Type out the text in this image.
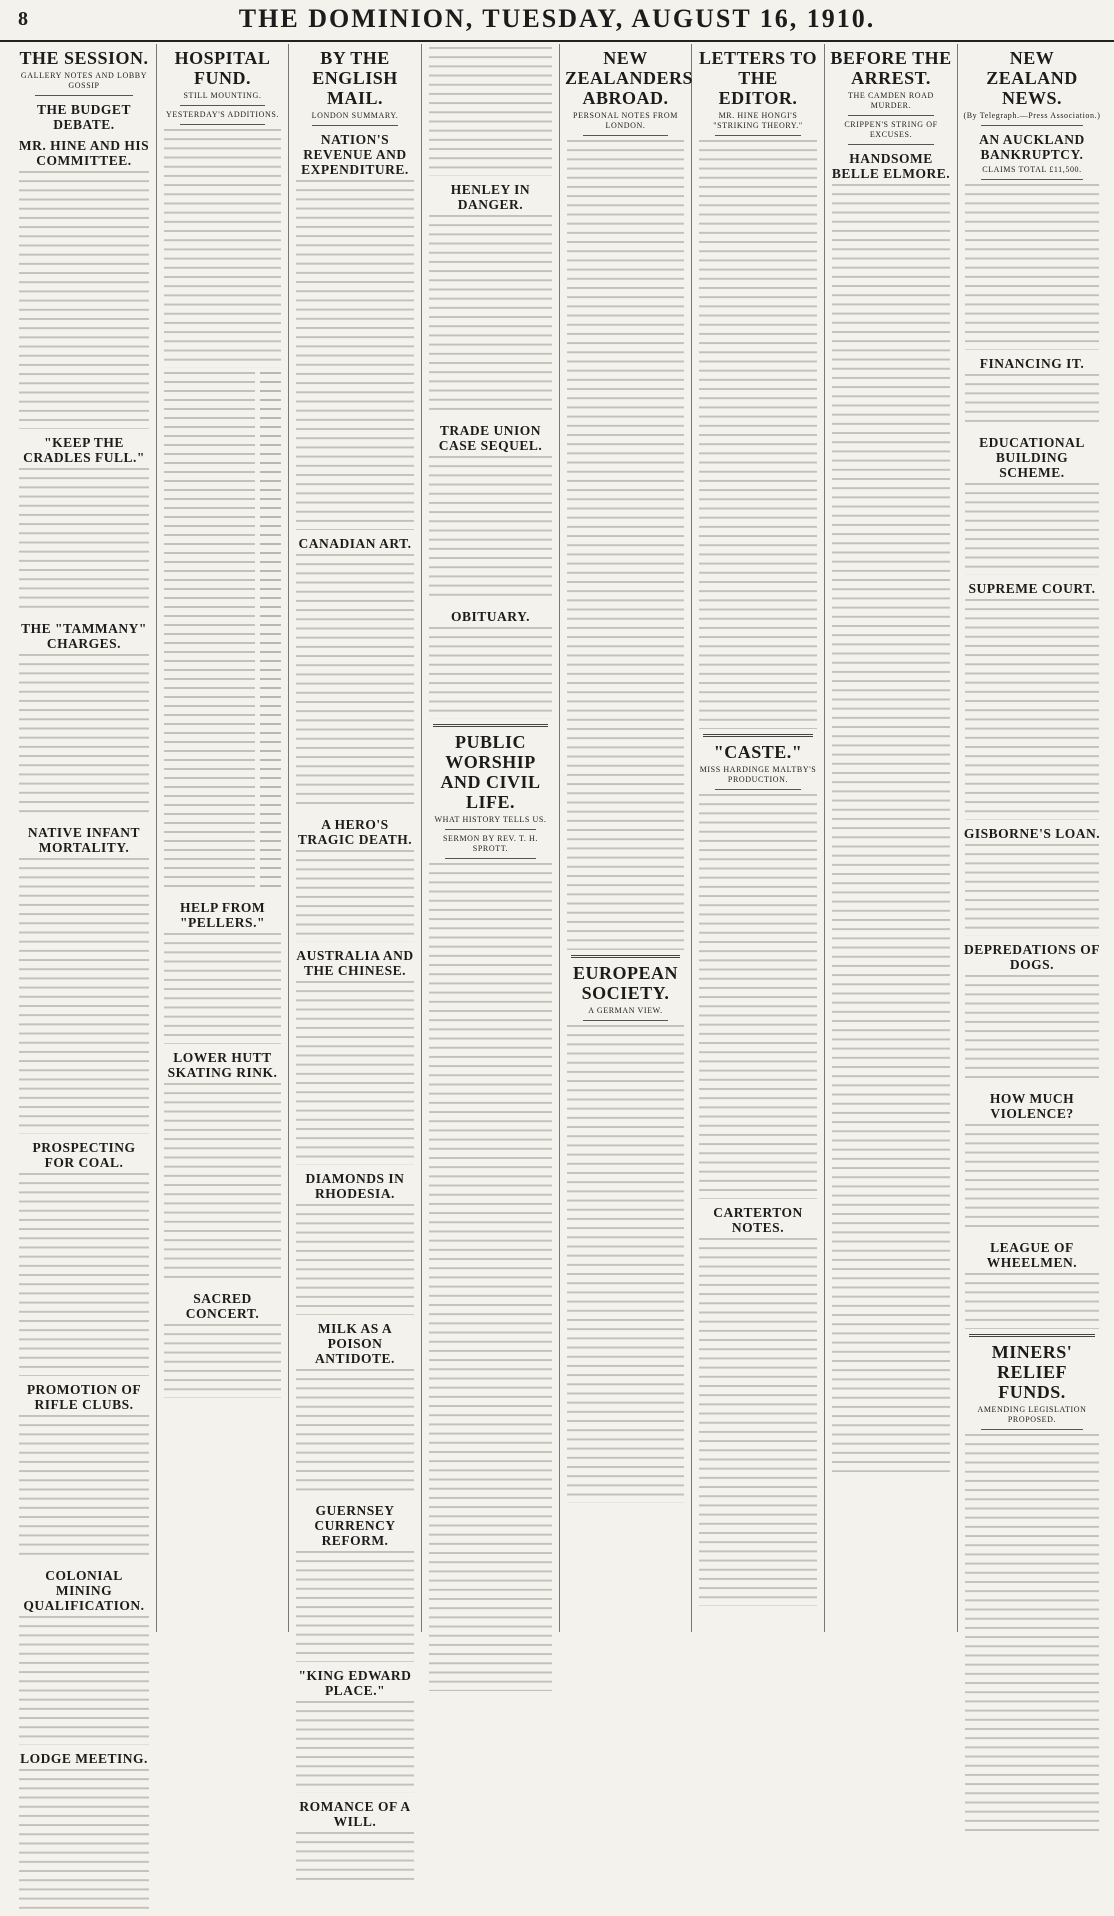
8	THE DOMINION, TUESDAY, AUGUST 16, 1910.
THE SESSION.
GALLERY NOTES AND LOBBY GOSSIP
THE BUDGET DEBATE.
MR. HINE AND HIS COMMITTEE.
"KEEP THE CRADLES FULL."
THE "TAMMANY" CHARGES.
NATIVE INFANT MORTALITY.
PROSPECTING FOR COAL.
PROMOTION OF RIFLE CLUBS.
COLONIAL MINING QUALIFICATION.
LODGE MEETING.
HOSPITAL FUND.
STILL MOUNTING.
YESTERDAY'S ADDITIONS.
HELP FROM "PELLERS."
LOWER HUTT SKATING RINK.
SACRED CONCERT.
BY THE ENGLISH MAIL.
LONDON SUMMARY.
NATION'S REVENUE AND EXPENDITURE.
CANADIAN ART.
A HERO'S TRAGIC DEATH.
AUSTRALIA AND THE CHINESE.
DIAMONDS IN RHODESIA.
MILK AS A POISON ANTIDOTE.
GUERNSEY CURRENCY REFORM.
"KING EDWARD PLACE."
ROMANCE OF A WILL.
HENLEY IN DANGER.
TRADE UNION CASE SEQUEL.
OBITUARY.
PUBLIC WORSHIP AND CIVIL LIFE.
WHAT HISTORY TELLS US.
SERMON BY REV. T. H. SPROTT.
NEW ZEALANDERS ABROAD.
PERSONAL NOTES FROM LONDON.
EUROPEAN SOCIETY.
A GERMAN VIEW.
LETTERS TO THE EDITOR.
MR. HINE HONGI'S "STRIKING THEORY."
"CASTE."
MISS HARDINGE MALTBY'S PRODUCTION.
CARTERTON NOTES.
BEFORE THE ARREST.
THE CAMDEN ROAD MURDER.
CRIPPEN'S STRING OF EXCUSES.
HANDSOME BELLE ELMORE.
NEW ZEALAND NEWS.
(By Telegraph.—Press Association.)
AN AUCKLAND BANKRUPTCY.
CLAIMS TOTAL £11,500.
FINANCING IT.
EDUCATIONAL BUILDING SCHEME.
SUPREME COURT.
GISBORNE'S LOAN.
DEPREDATIONS OF DOGS.
HOW MUCH VIOLENCE?
LEAGUE OF WHEELMEN.
MINERS' RELIEF FUNDS.
AMENDING LEGISLATION PROPOSED.
